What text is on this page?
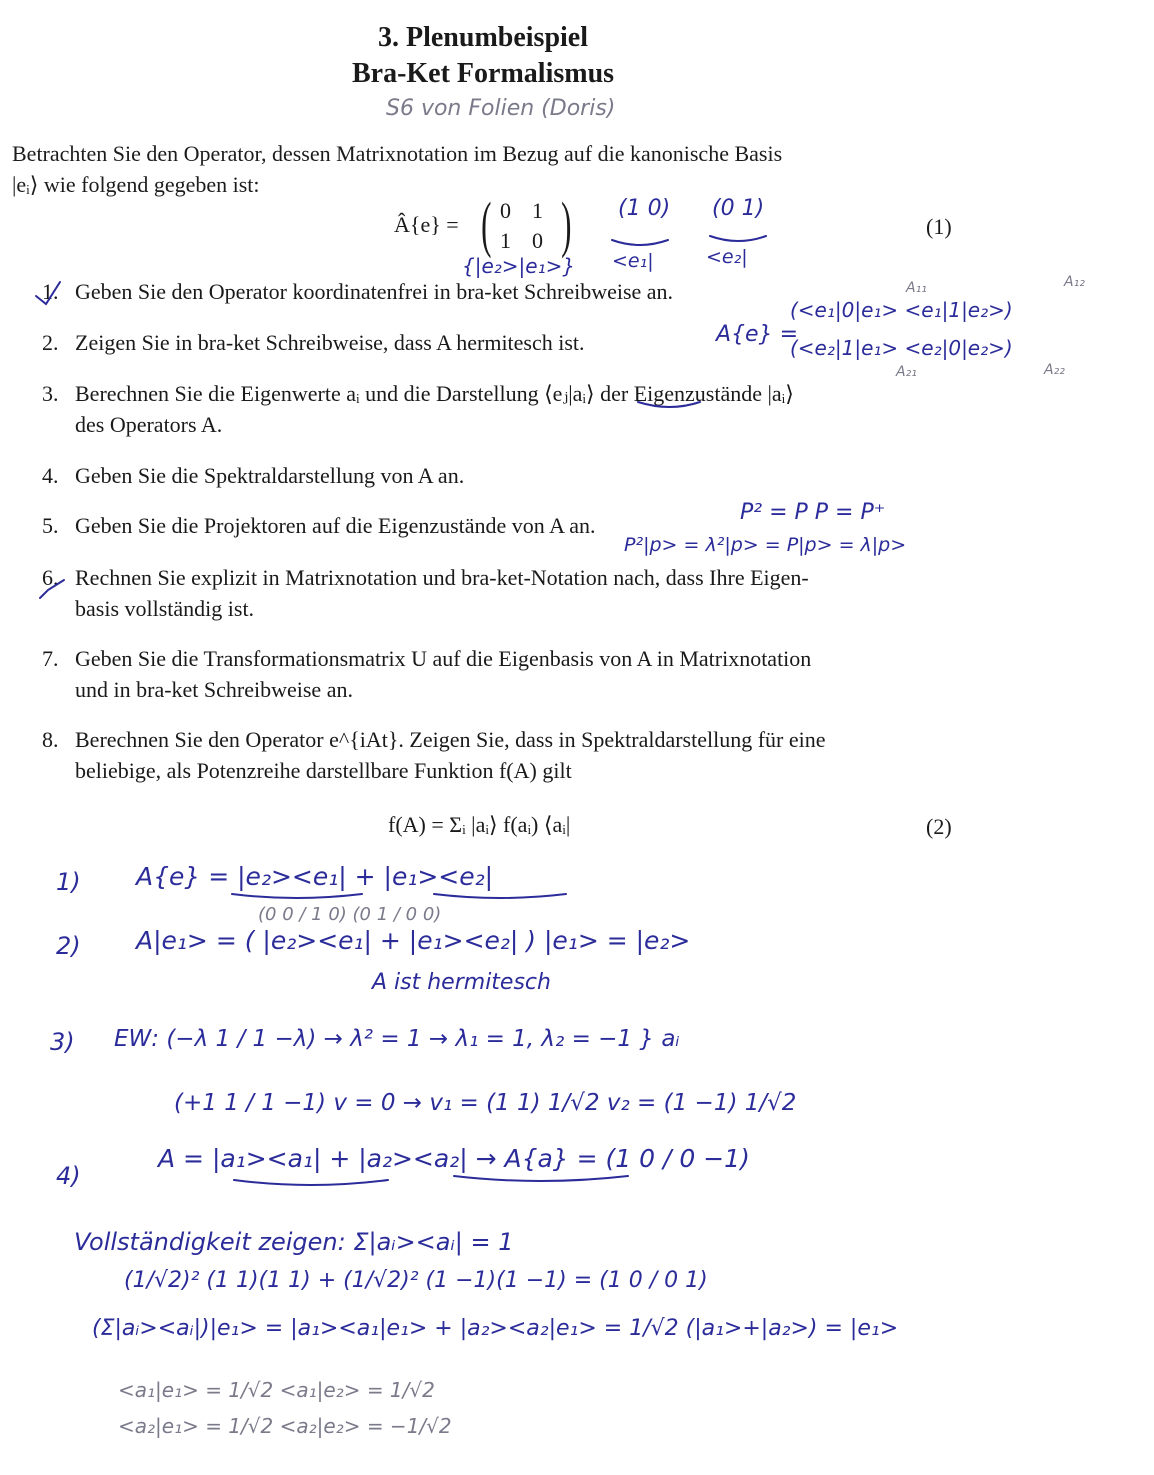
3. Plenumbeispiel
Bra-Ket Formalismus
S6 von Folien (Doris)
Betrachten Sie den Operator, dessen Matrixnotation im Bezug auf die kanonische Basis
|eᵢ⟩ wie folgend gegeben ist:
Â{e} = ( 0 1
1 0 )	(1)
(1 0) (0 1)
<e₁|	<e₂|
{|e₂>|e₁>}
1. Geben Sie den Operator koordinatenfrei in bra-ket Schreibweise an.
2. Zeigen Sie in bra-ket Schreibweise, dass A hermitesch ist.
3. Berechnen Sie die Eigenwerte aᵢ und die Darstellung ⟨eⱼ|aᵢ⟩ der Eigenzustände |aᵢ⟩
des Operators A.
4. Geben Sie die Spektraldarstellung von A an.
5. Geben Sie die Projektoren auf die Eigenzustände von A an.
6. Rechnen Sie explizit in Matrixnotation und bra-ket-Notation nach, dass Ihre Eigen-
basis vollständig ist.
7. Geben Sie die Transformationsmatrix U auf die Eigenbasis von A in Matrixnotation
und in bra-ket Schreibweise an.
8. Berechnen Sie den Operator e^{iAt}. Zeigen Sie, dass in Spektraldarstellung für eine
beliebige, als Potenzreihe darstellbare Funktion f(A) gilt
A{e} =
(<e₁|0|e₁> <e₁|1|e₂>)
(<e₂|1|e₁> <e₂|0|e₂>)
A₁₁	A₁₂
A₂₁	A₂₂
P² = P P = P⁺
P²|p> = λ²|p> = P|p> = λ|p>
f(A) = Σᵢ |aᵢ⟩ f(aᵢ) ⟨aᵢ|	(2)
1) A{e} = |e₂><e₁| + |e₁><e₂|
(0 0 / 1 0) (0 1 / 0 0)
2) A|e₁> = ( |e₂><e₁| + |e₁><e₂| ) |e₁> = |e₂>
A ist hermitesch
3) EW: (−λ 1 / 1 −λ) → λ² = 1 → λ₁ = 1, λ₂ = −1 } aᵢ
(+1 1 / 1 −1) v = 0 → v₁ = (1 1) 1/√2 v₂ = (1 −1) 1/√2
4)
A = |a₁><a₁| + |a₂><a₂| → A{a} = (1 0 / 0 −1)
Vollständigkeit zeigen: Σ|aᵢ><aᵢ| = 1
(1/√2)² (1 1)(1 1) + (1/√2)² (1 −1)(1 −1) = (1 0 / 0 1)
(Σ|aᵢ><aᵢ|)|e₁> = |a₁><a₁|e₁> + |a₂><a₂|e₁> = 1/√2 (|a₁>+|a₂>) = |e₁>
<a₁|e₁> = 1/√2 <a₁|e₂> = 1/√2
<a₂|e₁> = 1/√2 <a₂|e₂> = −1/√2
